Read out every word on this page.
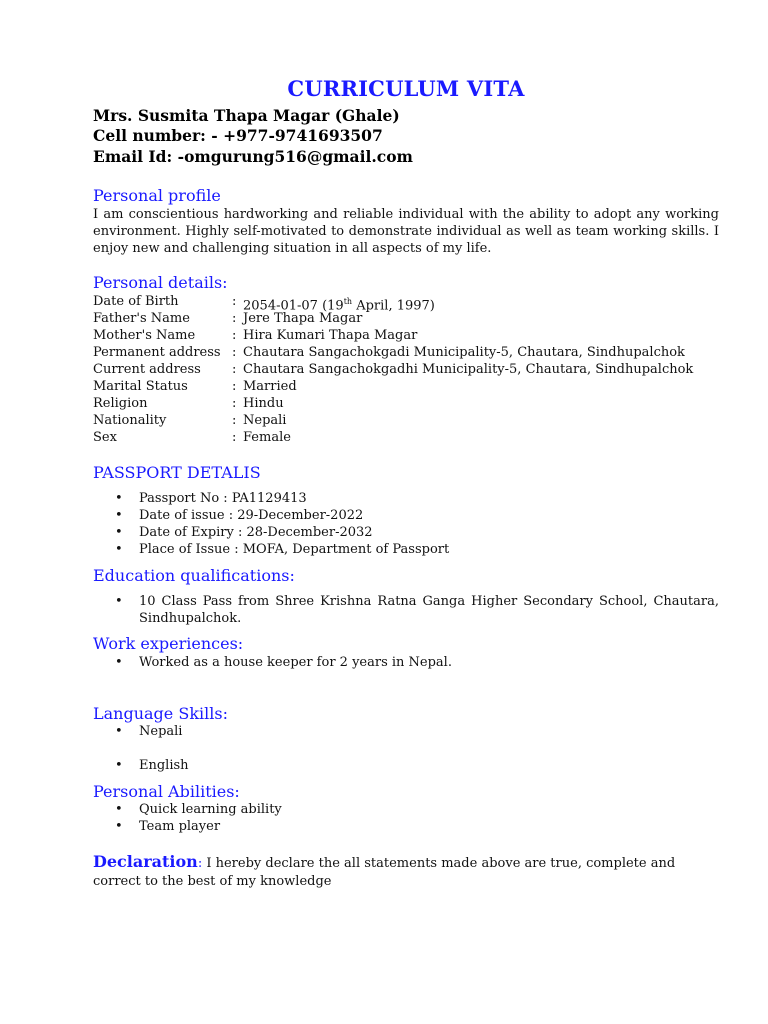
CURRICULUM VITA
Mrs. Susmita Thapa Magar (Ghale)
Cell number: - +977-9741693507
Email Id: -omgurung516@gmail.com
Personal profile
I am conscientious hardworking and reliable individual with the ability to adopt any working environment. Highly self-motivated to demonstrate individual as well as team working skills. I enjoy new and challenging situation in all aspects of my life.
Personal details:
Date of Birth	: 2054-01-07 (19th April, 1997)
Father's Name	: Jere Thapa Magar
Mother's Name	: Hira Kumari Thapa Magar
Permanent address : Chautara Sangachokgadi Municipality-5, Chautara, Sindhupalchok
Current address : Chautara Sangachokgadhi Municipality-5, Chautara, Sindhupalchok
Marital Status	: Married
Religion	: Hindu
Nationality	: Nepali
Sex	: Female
PASSPORT DETALIS
• Passport No : PA1129413
• Date of issue : 29-December-2022
• Date of Expiry : 28-December-2032
• Place of Issue : MOFA, Department of Passport
Education qualifications:
• 10 Class Pass from Shree Krishna Ratna Ganga Higher Secondary School, Chautara, Sindhupalchok.
Work experiences:
• Worked as a house keeper for 2 years in Nepal.
Language Skills:
• Nepali
• English
Personal Abilities:
• Quick learning ability
• Team player
Declaration: I hereby declare the all statements made above are true, complete and correct to the best of my knowledge
